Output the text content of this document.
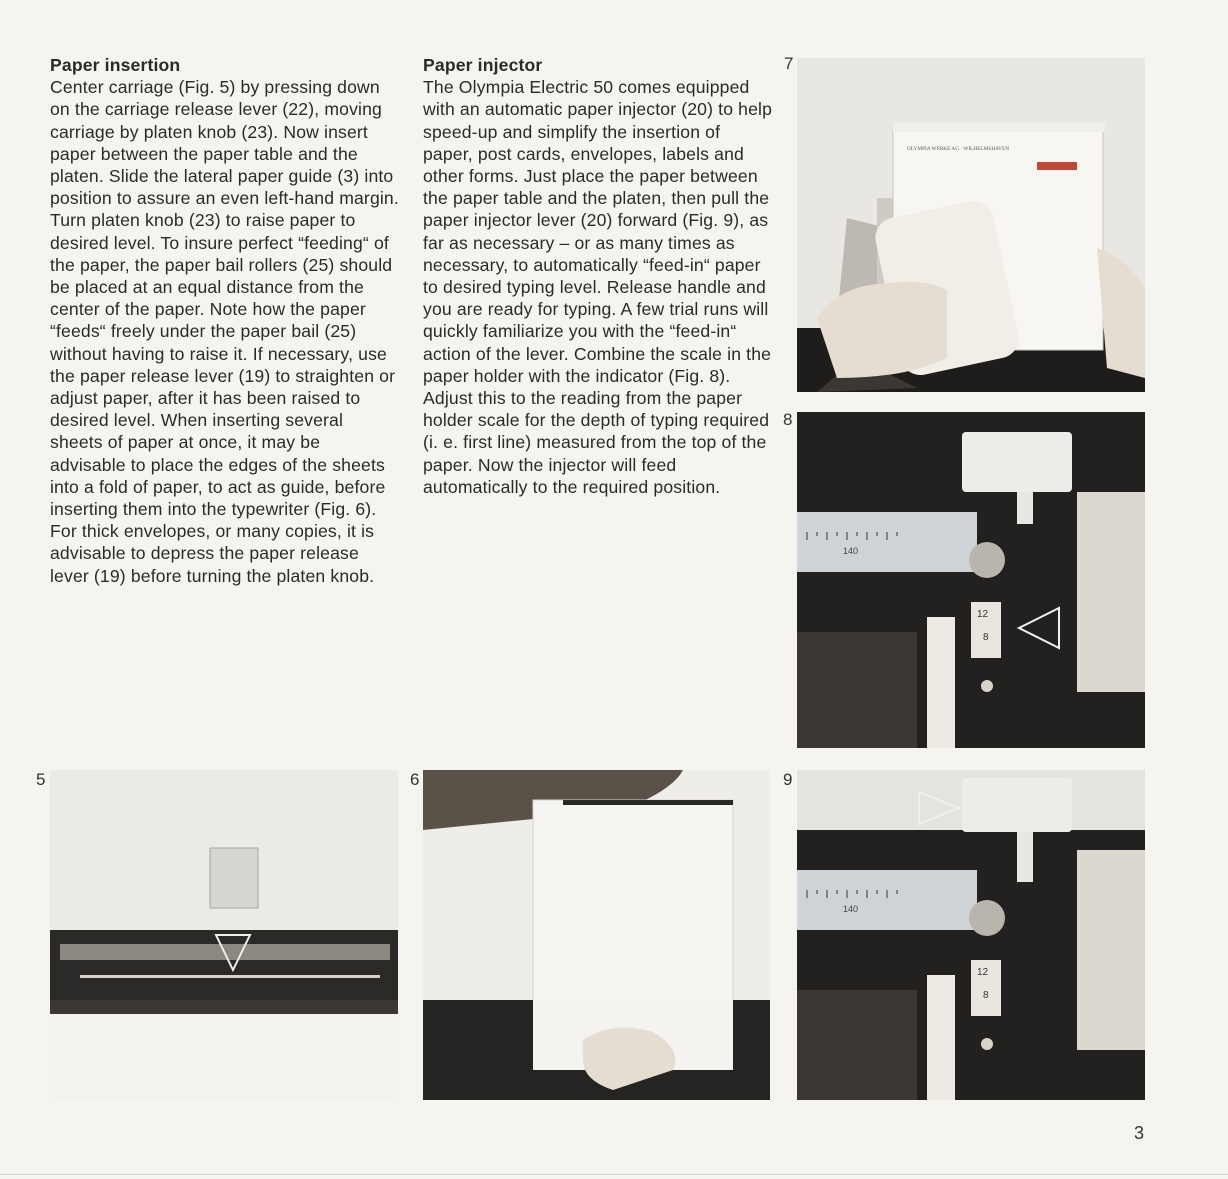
Paper insertion

Center carriage (Fig. 5) by pressing down on the carriage release lever (22), moving carriage by platen knob (23). Now insert paper between the paper table and the platen. Slide the lateral paper guide (3) into position to assure an even left-hand margin. Turn platen knob (23) to raise paper to desired level. To insure perfect “feeding“ of the paper, the paper bail rollers (25) should be placed at an equal distance from the center of the paper. Note how the paper “feeds“ freely under the paper bail (25) without having to raise it. If necessary, use the paper release lever (19) to straighten or adjust paper, after it has been raised to desired level. When inserting several sheets of paper at once, it may be advisable to place the edges of the sheets into a fold of paper, to act as guide, before inserting them into the typewriter (Fig. 6). For thick envelopes, or many copies, it is advisable to depress the paper release lever (19) before turning the platen knob.

Paper injector

The Olympia Electric 50 comes equipped with an automatic paper injector (20) to help speed-up and simplify the insertion of paper, post cards, envelopes, labels and other forms. Just place the paper between the paper table and the platen, then pull the paper injector lever (20) forward (Fig. 9), as far as necessary – or as many times as necessary, to automatically “feed-in“ paper to desired typing level. Release handle and you are ready for typing. A few trial runs will quickly familiarize you with the “feed-in“ action of the lever. Combine the scale in the paper holder with the indicator (Fig. 8). Adjust this to the reading from the paper holder scale for the depth of typing required (i. e. first line) measured from the top of the paper. Now the injector will feed automatically to the required position.

7
OLYMPIA WERKE AG · WILHELMSHAVEN
8
140
12
8
5	6	9
140
12
8
3
